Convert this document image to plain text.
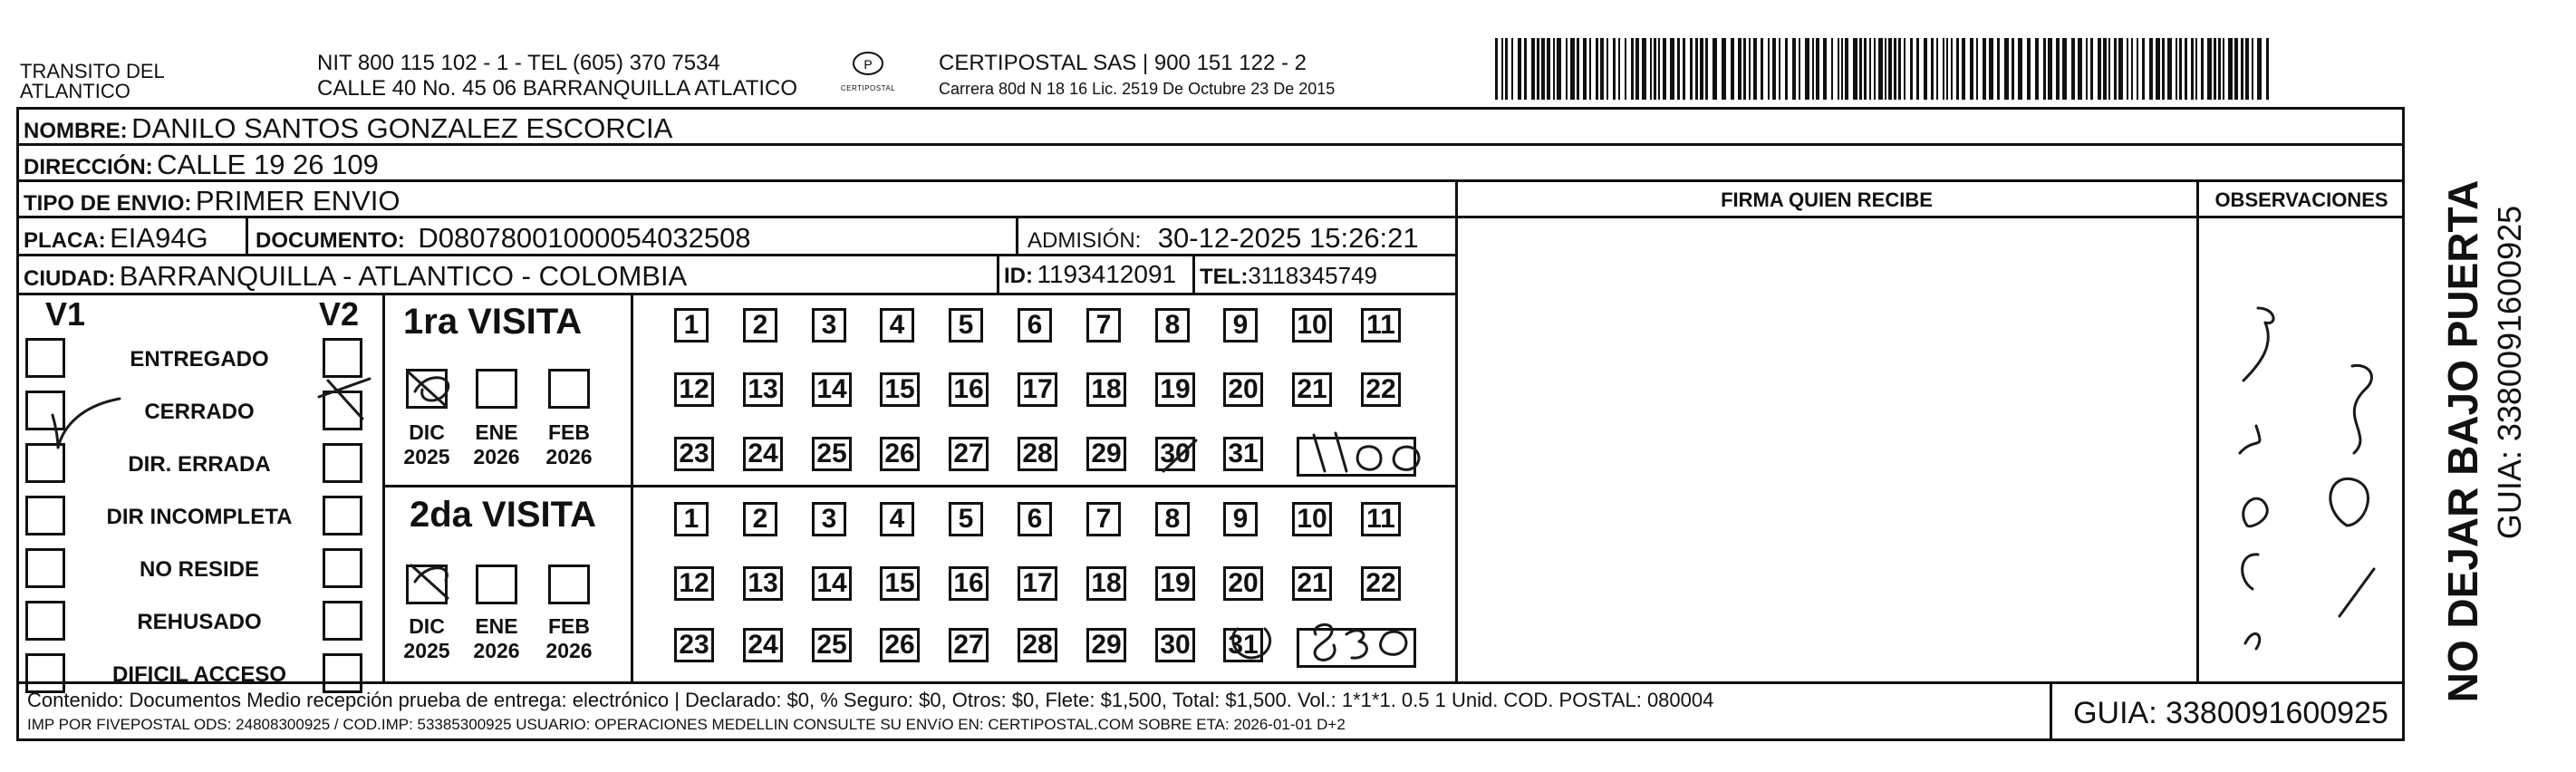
TRANSITO DEL
ATLANTICO
NIT 800 115 102 - 1 - TEL (605) 370 7534
CALLE 40 No. 45 06 BARRANQUILLA ATLATICO
P
CERTIPOSTAL
CERTIPOSTAL SAS | 900 151 122 - 2
Carrera 80d N 18 16 Lic. 2519 De Octubre 23 De 2015
FIRMA QUIEN RECIBE	OBSERVACIONES
NOMBRE: DANILO SANTOS GONZALEZ ESCORCIA
DIRECCIÓN: CALLE 19 26 109
TIPO DE ENVIO: PRIMER ENVIO
PLACA: EIA94G DOCUMENTO: D08078001000054032508	ADMISIÓN: 30-12-2025 15:26:21
CIUDAD: BARRANQUILLA - ATLANTICO - COLOMBIA	ID: 1193412091 TEL:3118345749
V1	V2
ENTREGADO
CERRADO
DIR. ERRADA
DIR INCOMPLETA
NO RESIDE
REHUSADO
DIFICIL ACCESO
1ra VISITA
2da VISITA
DIC
2025
ENE
2026
FEB
2026
DIC
2025
ENE
2026
FEB
2026
1	2	3	4	5	6	7	8	9	10 11
12 13 14 15 16 17 18 19 20 21 22
23 24 25 26 27 28 29 30 31
1	2	3	4	5	6	7	8	9	10 11
12 13 14 15 16 17 18 19 20 21 22
23 24 25 26 27 28 29 30 31
Contenido: Documentos Medio recepción prueba de entrega: electrónico | Declarado: $0, % Seguro: $0, Otros: $0, Flete: $1,500, Total: $1,500. Vol.: 1*1*1. 0.5 1 Unid. COD. POSTAL: 080004
IMP POR FIVEPOSTAL ODS: 24808300925 / COD.IMP: 53385300925 USUARIO: OPERACIONES MEDELLIN CONSULTE SU ENVíO EN: CERTIPOSTAL.COM SOBRE ETA: 2026-01-01 D+2	GUIA: 3380091600925
NO DEJAR BAJO PUERTA GUIA: 3380091600925
